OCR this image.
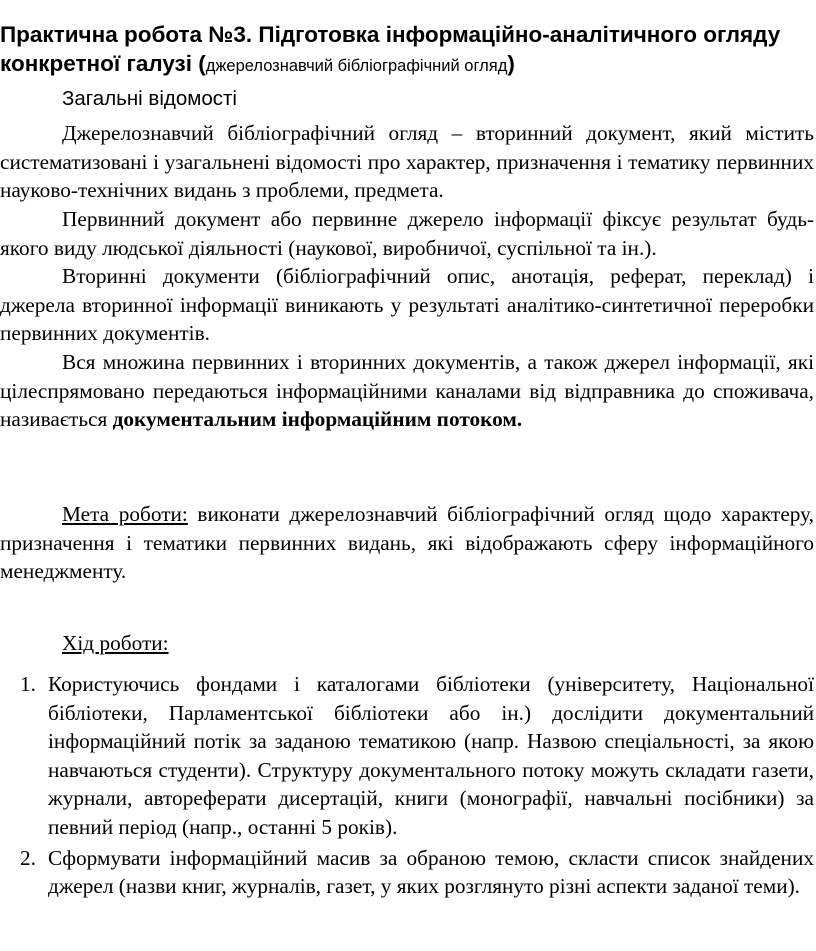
Практична робота №3. Підготовка інформаційно-аналітичного огляду конкретної галузі (джерелознавчий бібліографічний огляд)
Загальні відомості

Джерелознавчий бібліографічний огляд – вторинний документ, який містить систематизовані і узагальнені відомості про характер, призначення і тематику первинних науково-технічних видань з проблеми, предмета.

Первинний документ або первинне джерело інформації фіксує результат будь-якого виду людської діяльності (наукової, виробничої, суспільної та ін.).

Вторинні документи (бібліографічний опис, анотація, реферат, переклад) і джерела вторинної інформації виникають у результаті аналітико-синтетичної переробки первинних документів.

Вся множина первинних і вторинних документів, а також джерел інформації, які цілеспрямовано передаються інформаційними каналами від відправника до споживача, називається документальним інформаційним потоком.

Мета роботи: виконати джерелознавчий бібліографічний огляд щодо характеру, призначення і тематики первинних видань, які відображають сферу інформаційного менеджменту.

Хід роботи:
1. Користуючись фондами і каталогами бібліотеки (університету, Національної бібліотеки, Парламентської бібліотеки або ін.) дослідити документальний інформаційний потік за заданою тематикою (напр. Назвою спеціальності, за якою навчаються студенти). Структуру документального потоку можуть складати газети, журнали, автореферати дисертацій, книги (монографії, навчальні посібники) за певний період (напр., останні 5 років).
2. Сформувати інформаційний масив за обраною темою, скласти список знайдених джерел (назви книг, журналів, газет, у яких розглянуто різні аспекти заданої теми).
